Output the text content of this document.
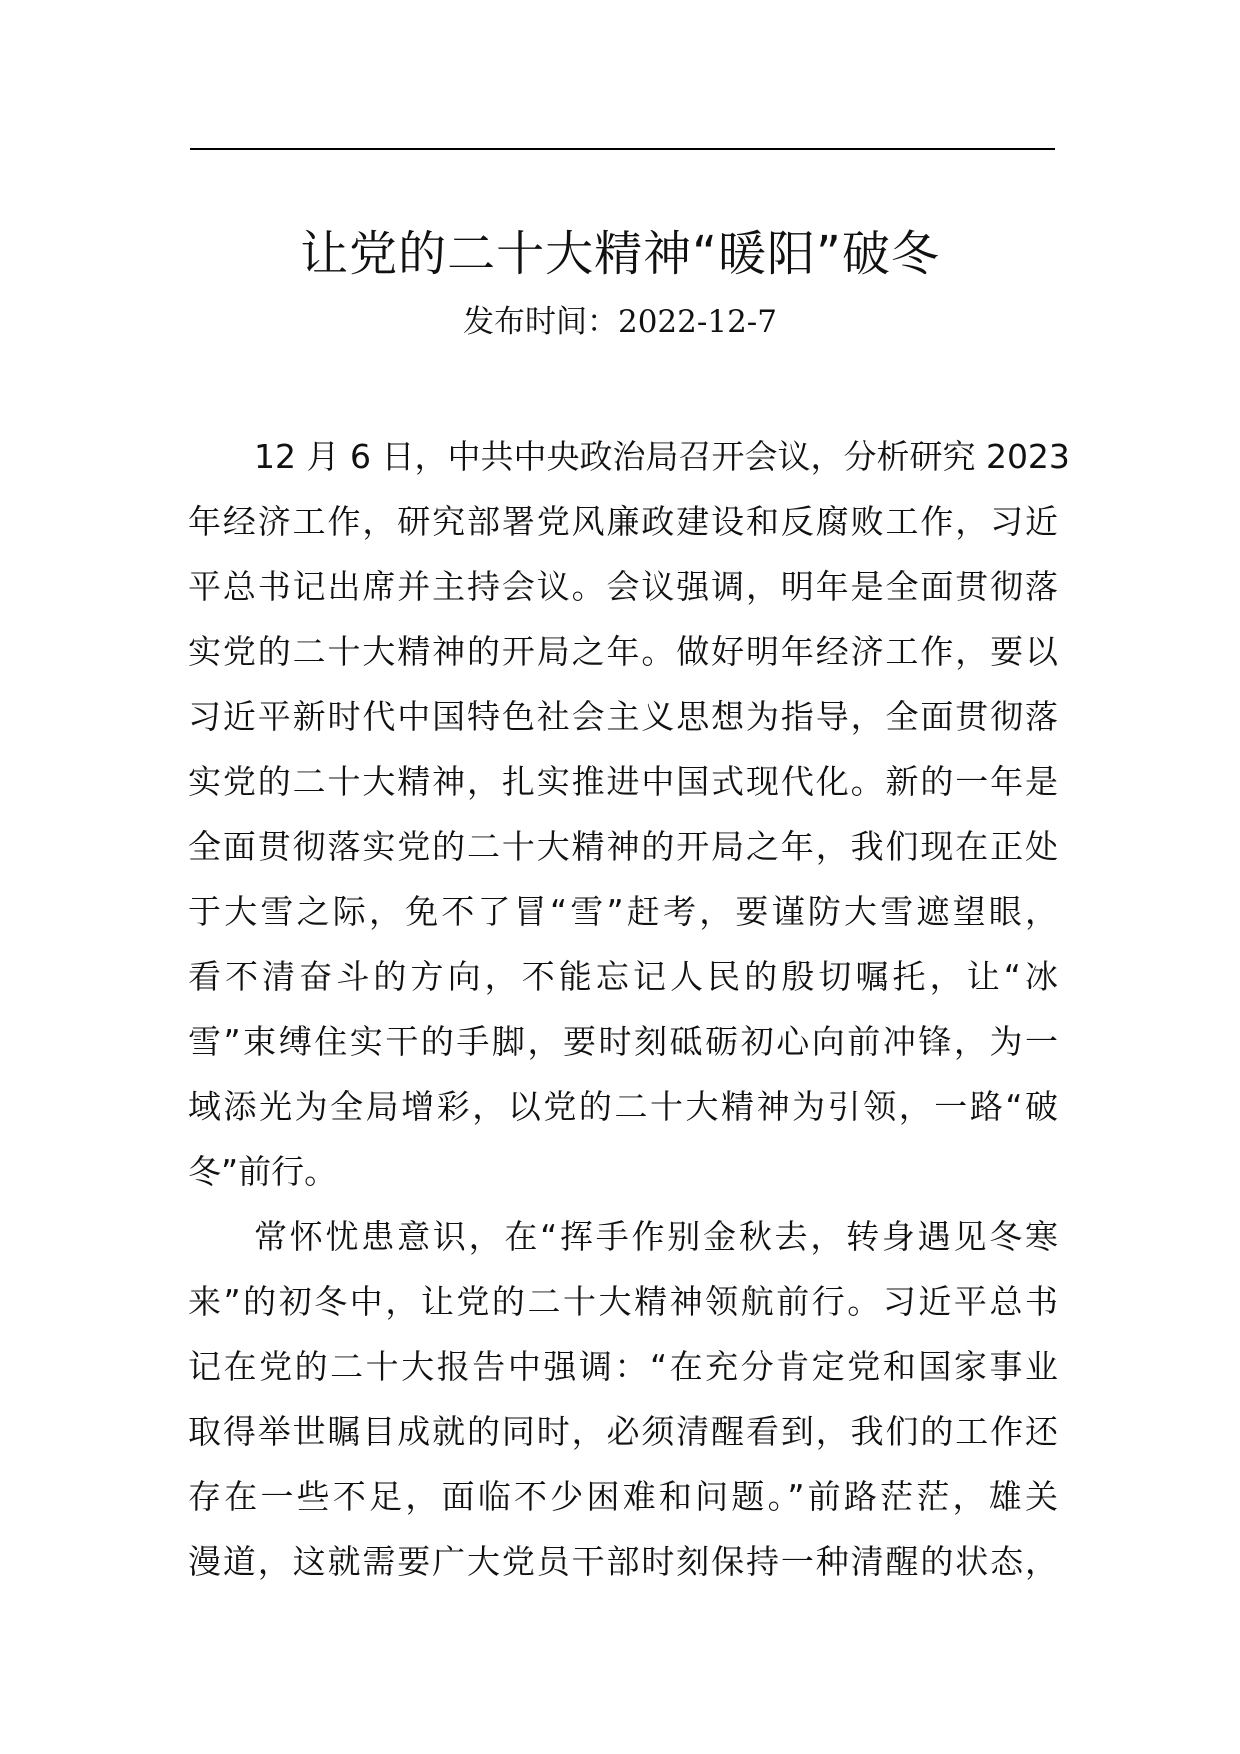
让党的二十大精神“暖阳”破冬
发布时间：2022-12-7
12 月 6 日，中共中央政治局召开会议，分析研究 2023
年经济工作，研究部署党风廉政建设和反腐败工作，习近
平总书记出席并主持会议。会议强调，明年是全面贯彻落
实党的二十大精神的开局之年。做好明年经济工作，要以
习近平新时代中国特色社会主义思想为指导，全面贯彻落
实党的二十大精神，扎实推进中国式现代化。新的一年是
全面贯彻落实党的二十大精神的开局之年，我们现在正处
于大雪之际，免不了冒“雪”赶考，要谨防大雪遮望眼，
看不清奋斗的方向，不能忘记人民的殷切嘱托，让“冰
雪”束缚住实干的手脚，要时刻砥砺初心向前冲锋，为一
域添光为全局增彩，以党的二十大精神为引领，一路“破
冬”前行。
常怀忧患意识，在“挥手作别金秋去，转身遇见冬寒
来”的初冬中，让党的二十大精神领航前行。习近平总书
记在党的二十大报告中强调：“在充分肯定党和国家事业
取得举世瞩目成就的同时，必须清醒看到，我们的工作还
存在一些不足，面临不少困难和问题。”前路茫茫，雄关
漫道，这就需要广大党员干部时刻保持一种清醒的状态，
